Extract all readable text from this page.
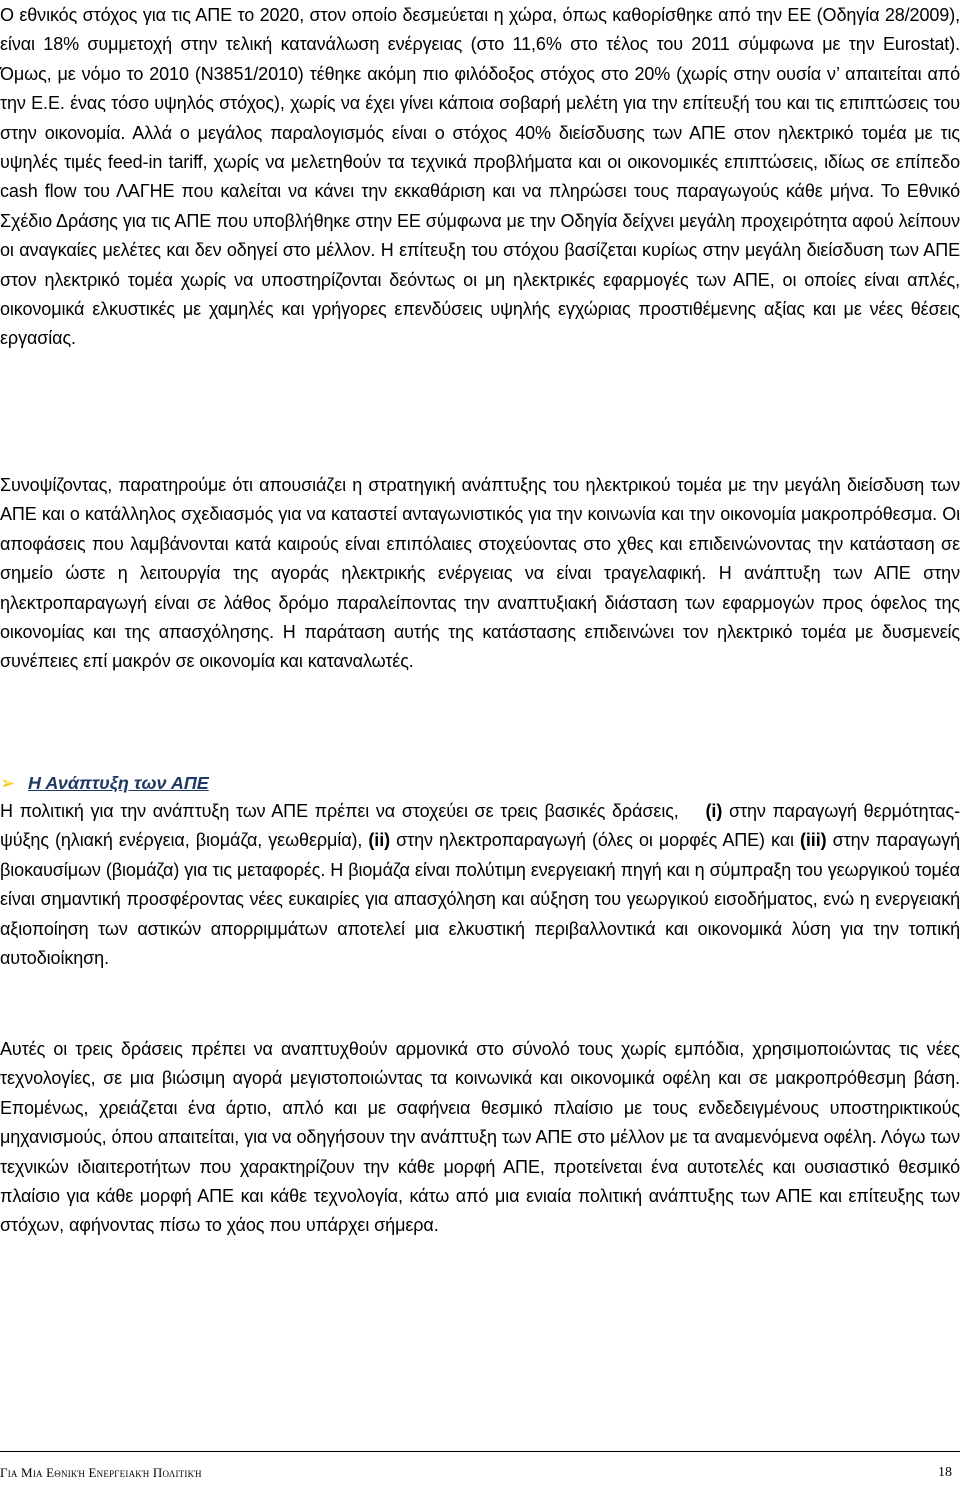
Ο εθνικός στόχος για τις ΑΠΕ το 2020, στον οποίο δεσμεύεται η χώρα, όπως καθορίσθηκε από την ΕΕ (Οδηγία 28/2009), είναι 18% συμμετοχή στην τελική κατανάλωση ενέργειας (στο 11,6% στο τέλος του 2011 σύμφωνα με την Eurostat). Όμως, με νόμο το 2010 (Ν3851/2010) τέθηκε ακόμη πιο φιλόδοξος στόχος στο 20% (χωρίς στην ουσία ν’ απαιτείται από την Ε.Ε. ένας τόσο υψηλός στόχος), χωρίς να έχει γίνει κάποια σοβαρή μελέτη για την επίτευξή του και τις επιπτώσεις του στην οικονομία. Αλλά ο μεγάλος παραλογισμός είναι ο στόχος 40% διείσδυσης των ΑΠΕ στον ηλεκτρικό τομέα με τις υψηλές τιμές feed-in tariff, χωρίς να μελετηθούν τα τεχνικά προβλήματα και οι οικονομικές επιπτώσεις, ιδίως σε επίπεδο cash flow του ΛΑΓΗΕ που καλείται να κάνει την εκκαθάριση και να πληρώσει τους παραγωγούς κάθε μήνα. Το Εθνικό Σχέδιο Δράσης για τις ΑΠΕ που υποβλήθηκε στην ΕΕ σύμφωνα με την Οδηγία δείχνει μεγάλη προχειρότητα αφού λείπουν οι αναγκαίες μελέτες και δεν οδηγεί στο μέλλον. Η επίτευξη του στόχου βασίζεται κυρίως στην μεγάλη διείσδυση των ΑΠΕ στον ηλεκτρικό τομέα χωρίς να υποστηρίζονται δεόντως οι μη ηλεκτρικές εφαρμογές των ΑΠΕ, οι οποίες είναι απλές, οικονομικά ελκυστικές με χαμηλές και γρήγορες επενδύσεις υψηλής εγχώριας προστιθέμενης αξίας και με νέες θέσεις εργασίας.

Συνοψίζοντας, παρατηρούμε ότι απουσιάζει η στρατηγική ανάπτυξης του ηλεκτρικού τομέα με την μεγάλη διείσδυση των ΑΠΕ και ο κατάλληλος σχεδιασμός για να καταστεί ανταγωνιστικός για την κοινωνία και την οικονομία μακροπρόθεσμα. Οι αποφάσεις που λαμβάνονται κατά καιρούς είναι επιπόλαιες στοχεύοντας στο χθες και επιδεινώνοντας την κατάσταση σε σημείο ώστε η λειτουργία της αγοράς ηλεκτρικής ενέργειας να είναι τραγελαφική. Η ανάπτυξη των ΑΠΕ στην ηλεκτροπαραγωγή είναι σε λάθος δρόμο παραλείποντας την αναπτυξιακή διάσταση των εφαρμογών προς όφελος της οικονομίας και της απασχόλησης. Η παράταση αυτής της κατάστασης επιδεινώνει τον ηλεκτρικό τομέα με δυσμενείς συνέπειες επί μακρόν σε οικονομία και καταναλωτές.

➢ Η Ανάπτυξη των ΑΠΕ

Η πολιτική για την ανάπτυξη των ΑΠΕ πρέπει να στοχεύει σε τρεις βασικές δράσεις, (i) στην παραγωγή θερμότητας-ψύξης (ηλιακή ενέργεια, βιομάζα, γεωθερμία), (ii) στην ηλεκτροπαραγωγή (όλες οι μορφές ΑΠΕ) και (iii) στην παραγωγή βιοκαυσίμων (βιομάζα) για τις μεταφορές. Η βιομάζα είναι πολύτιμη ενεργειακή πηγή και η σύμπραξη του γεωργικού τομέα είναι σημαντική προσφέροντας νέες ευκαιρίες για απασχόληση και αύξηση του γεωργικού εισοδήματος, ενώ η ενεργειακή αξιοποίηση των αστικών απορριμμάτων αποτελεί μια ελκυστική περιβαλλοντικά και οικονομικά λύση για την τοπική αυτοδιοίκηση.

Αυτές οι τρεις δράσεις πρέπει να αναπτυχθούν αρμονικά στο σύνολό τους χωρίς εμπόδια, χρησιμοποιώντας τις νέες τεχνολογίες, σε μια βιώσιμη αγορά μεγιστοποιώντας τα κοινωνικά και οικονομικά οφέλη και σε μακροπρόθεσμη βάση. Επομένως, χρειάζεται ένα άρτιο, απλό και με σαφήνεια θεσμικό πλαίσιο με τους ενδεδειγμένους υποστηρικτικούς μηχανισμούς, όπου απαιτείται, για να οδηγήσουν την ανάπτυξη των ΑΠΕ στο μέλλον με τα αναμενόμενα οφέλη. Λόγω των τεχνικών ιδιαιτεροτήτων που χαρακτηρίζουν την κάθε μορφή ΑΠΕ, προτείνεται ένα αυτοτελές και ουσιαστικό θεσμικό πλαίσιο για κάθε μορφή ΑΠΕ και κάθε τεχνολογία, κάτω από μια ενιαία πολιτική ανάπτυξης των ΑΠΕ και επίτευξης των στόχων, αφήνοντας πίσω το χάος που υπάρχει σήμερα.

Για Μια Εθνική Ενεργειακή Πολιτική	18
